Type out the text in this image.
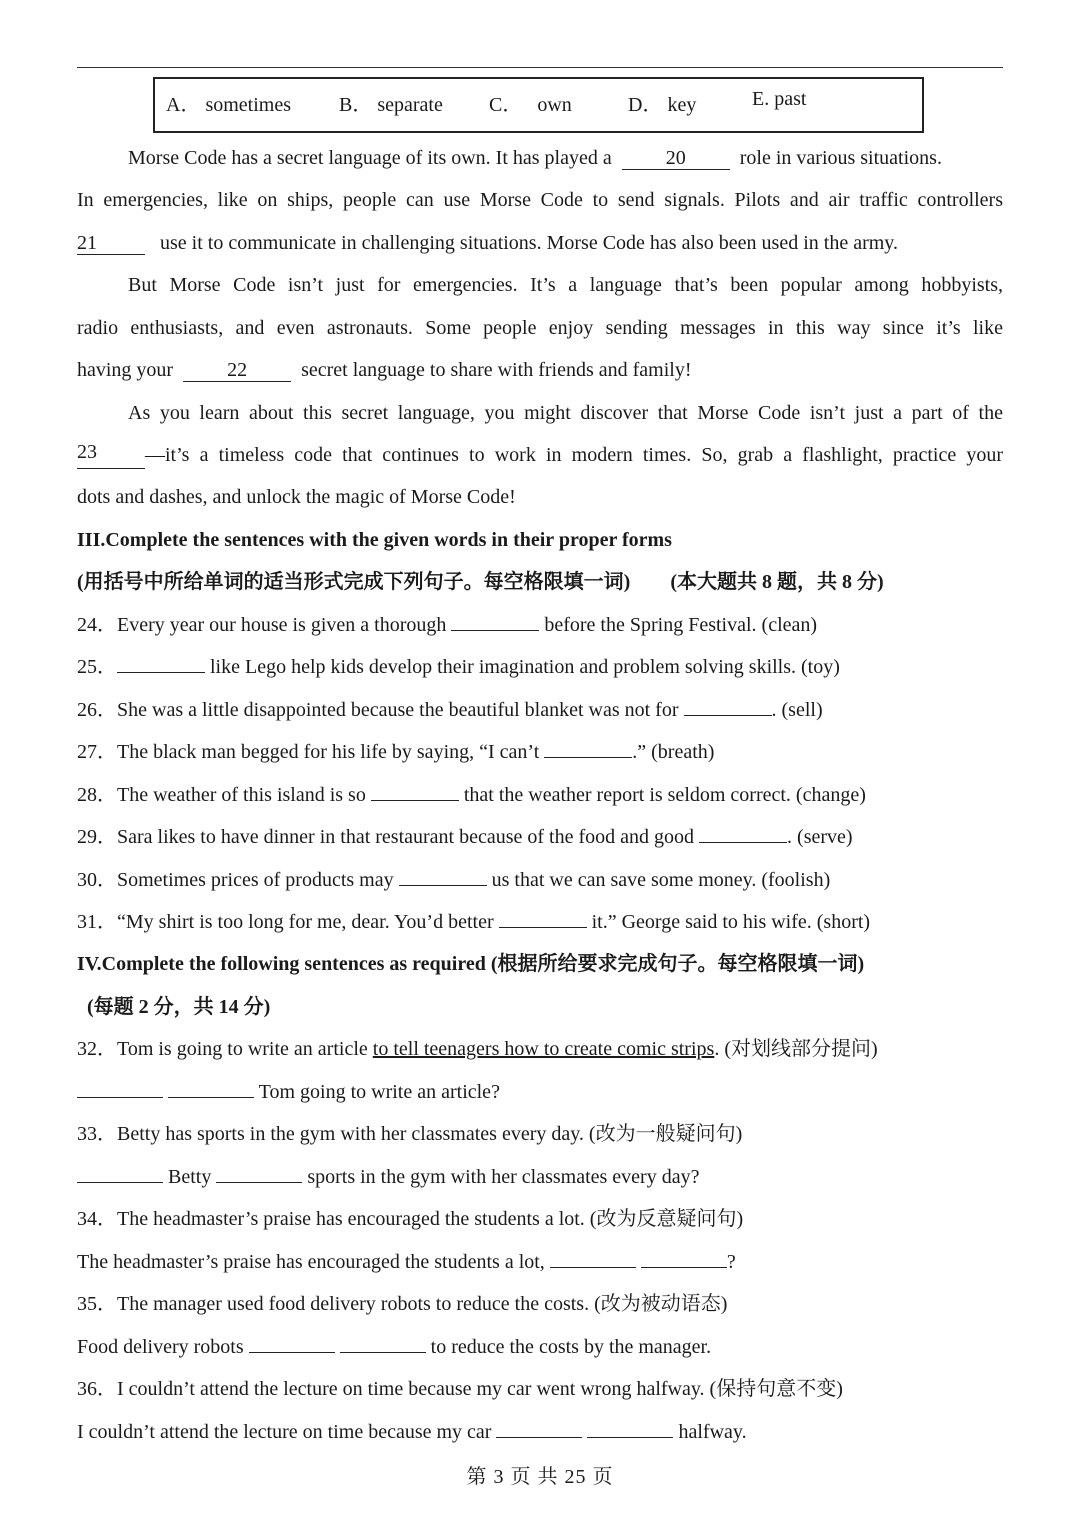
A． sometimes B． separate C． own	D． key	E. past
Morse Code has a secret language of its own. It has played a	20	role in various situations.
In emergencies, like on ships, people can use Morse Code to send signals. Pilots and air traffic controllers
21	use it to communicate in challenging situations. Morse Code has also been used in the army.
But Morse Code isn’t just for emergencies. It’s a language that’s been popular among hobbyists,
radio enthusiasts, and even astronauts. Some people enjoy sending messages in this way since it’s like
having your	22	secret language to share with friends and family!
As you learn about this secret language, you might discover that Morse Code isn’t just a part of the
23	—it’s a timeless code that continues to work in modern times. So, grab a flashlight, practice your
dots and dashes, and unlock the magic of Morse Code!
III.Complete the sentences with the given words in their proper forms
(用括号中所给单词的适当形式完成下列句子。每空格限填一词) (本大题共 8 题，共 8 分)
24．Every year our house is given a thorough	before the Spring Festival. (clean)
25．	like Lego help kids develop their imagination and problem solving skills. (toy)
26．She was a little disappointed because the beautiful blanket was not for	. (sell)
27．The black man begged for his life by saying, “I can’t	.” (breath)
28．The weather of this island is so	that the weather report is seldom correct. (change)
29．Sara likes to have dinner in that restaurant because of the food and good	. (serve)
30．Sometimes prices of products may	us that we can save some money. (foolish)
31．“My shirt is too long for me, dear. You’d better	it.” George said to his wife. (short)
IV.Complete the following sentences as required (根据所给要求完成句子。每空格限填一词)
(每题 2 分，共 14 分)
32．Tom is going to write an article to tell teenagers how to create comic strips. (对划线部分提问)
Tom going to write an article?
33．Betty has sports in the gym with her classmates every day. (改为一般疑问句)
Betty	sports in the gym with her classmates every day?
34．The headmaster’s praise has encouraged the students a lot. (改为反意疑问句)
The headmaster’s praise has encouraged the students a lot,	?
35．The manager used food delivery robots to reduce the costs. (改为被动语态)
Food delivery robots	to reduce the costs by the manager.
36．I couldn’t attend the lecture on time because my car went wrong halfway. (保持句意不变)
I couldn’t attend the lecture on time because my car	halfway.
第 3 页 共 25 页
